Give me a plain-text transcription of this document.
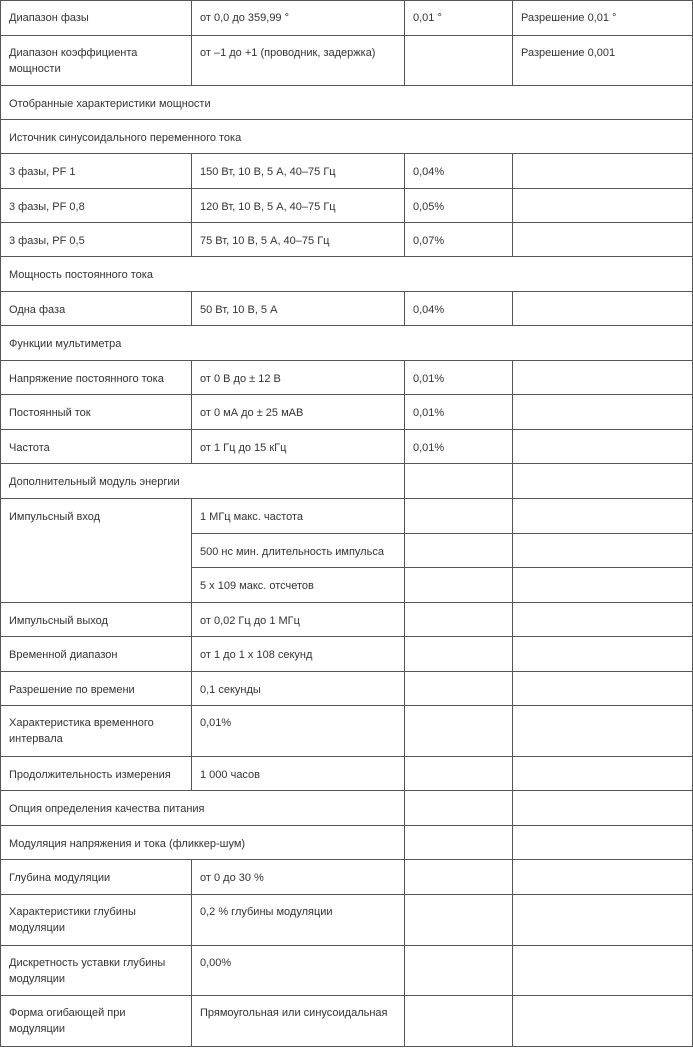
Диапазон фазы	от 0,0 до 359,99 °	0,01 °	Разрешение 0,01 °

Диапазон коэффициента мощности	от –1 до +1 (проводник, задержка)		Разрешение 0,001

Отобранные характеристики мощности			

Источник синусоидального переменного тока			

3 фазы, PF 1	150 Вт, 10 В, 5 A, 40–75 Гц	0,04%	

3 фазы, PF 0,8	120 Вт, 10 В, 5 A, 40–75 Гц	0,05%	

3 фазы, PF 0,5	75 Вт, 10 В, 5 A, 40–75 Гц	0,07%	

Мощность постоянного тока			

Одна фаза	50 Вт, 10 В, 5 A	0,04%	

Функции мультиметра			

Напряжение постоянного тока	от 0 В до ± 12 В	0,01%	

Постоянный ток	от 0 мА до ± 25 мАВ	0,01%	

Частота	от 1 Гц до 15 кГц	0,01%	

Дополнительный модуль энергии			

Импульсный вход	1 МГц макс. частота		

	500 нс мин. длительность импульса		

	5 x 109 макс. отсчетов		

Импульсный выход	от 0,02 Гц до 1 МГц		

Временной диапазон	от 1 до 1 x 108 секунд		

Разрешение по времени	0,1 секунды		

Характеристика временного интервала	0,01%		

Продолжительность измерения	1 000 часов		

Опция определения качества питания			

Модуляция напряжения и тока (фликкер-шум)			

Глубина модуляции	от 0 до 30 %		

Характеристики глубины модуляции	0,2 % глубины модуляции		

Дискретность уставки глубины модуляции	0,00%		

Форма огибающей при модуляции	Прямоугольная или синусоидальная		
